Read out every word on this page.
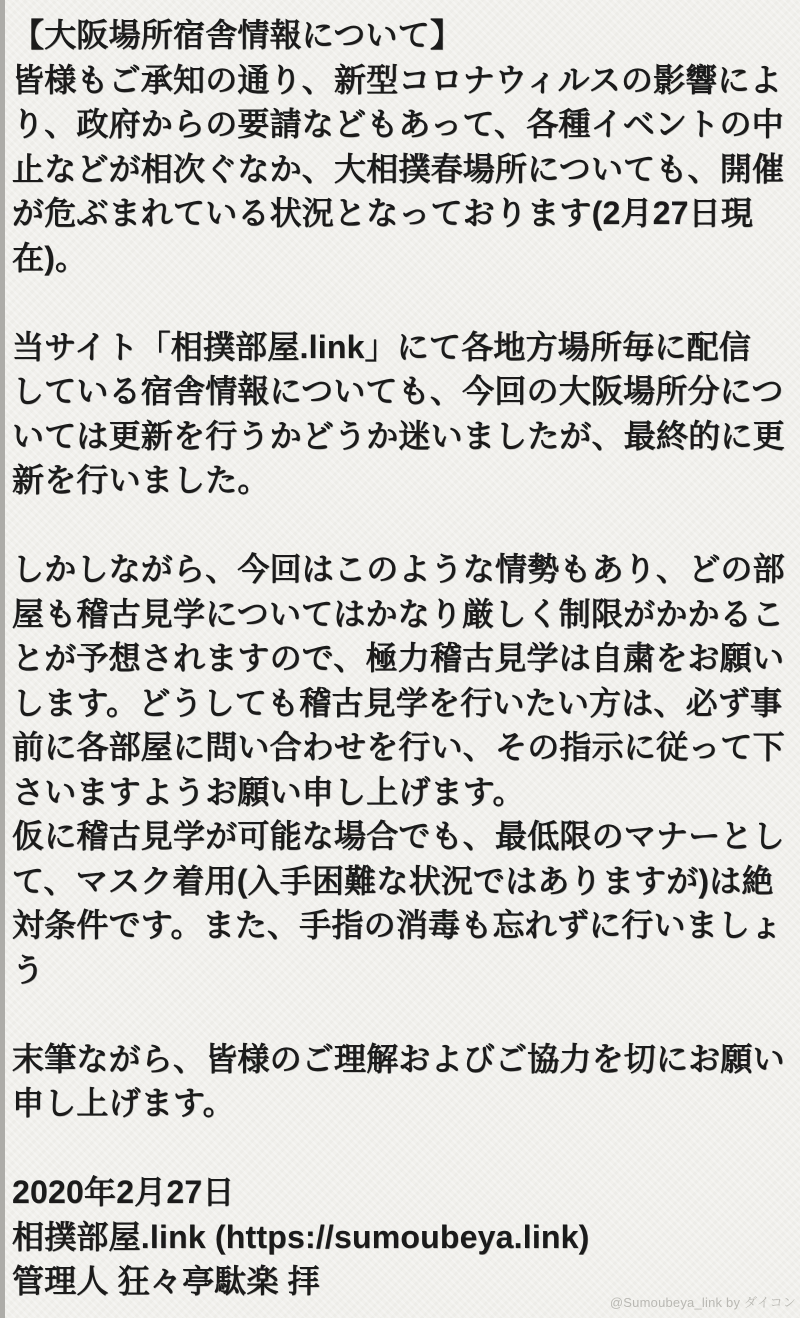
【大阪場所宿舎情報について】
皆様もご承知の通り、新型コロナウィルスの影響によ
り、政府からの要請などもあって、各種イベントの中
止などが相次ぐなか、大相撲春場所についても、開催
が危ぶまれている状況となっております(2月27日現
在)。

当サイト「相撲部屋.link」にて各地方場所毎に配信
している宿舎情報についても、今回の大阪場所分につ
いては更新を行うかどうか迷いましたが、最終的に更
新を行いました。

しかしながら、今回はこのような情勢もあり、どの部
屋も稽古見学についてはかなり厳しく制限がかかるこ
とが予想されますので、極力稽古見学は自粛をお願い
します。どうしても稽古見学を行いたい方は、必ず事
前に各部屋に問い合わせを行い、その指示に従って下
さいますようお願い申し上げます。
仮に稽古見学が可能な場合でも、最低限のマナーとし
て、マスク着用(入手困難な状況ではありますが)は絶
対条件です。また、手指の消毒も忘れずに行いましょ
う

末筆ながら、皆様のご理解およびご協力を切にお願い
申し上げます。

2020年2月27日
相撲部屋.link (https://sumoubeya.link)
管理人 狂々亭駄楽 拝
@Sumoubeya_link by ダイコン
